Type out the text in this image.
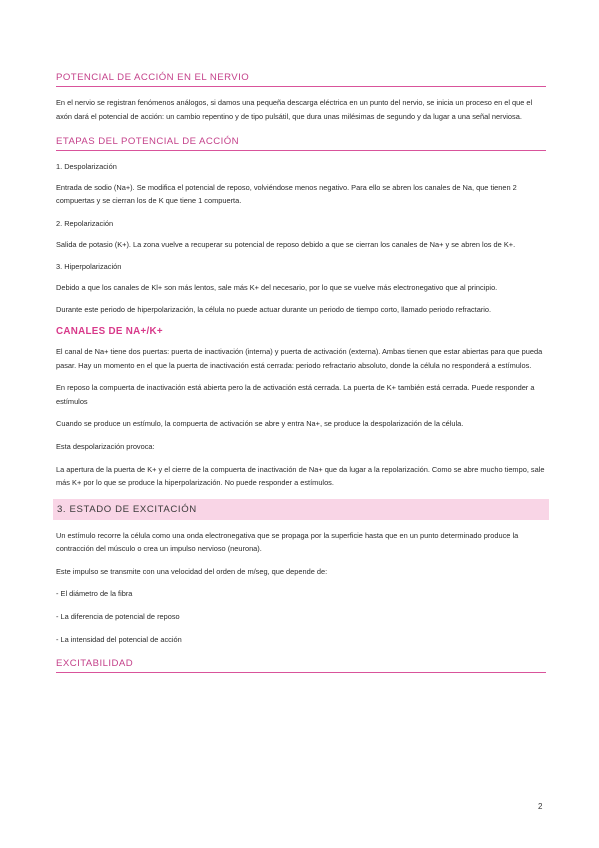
POTENCIAL DE ACCIÓN EN EL NERVIO

En el nervio se registran fenómenos análogos, si damos una pequeña descarga eléctrica en un punto del nervio, se inicia un proceso en el que el axón dará el potencial de acción: un cambio repentino y de tipo pulsátil, que dura unas milésimas de segundo y da lugar a una señal nerviosa.

ETAPAS DEL POTENCIAL DE ACCIÓN

1. Despolarización

Entrada de sodio (Na+). Se modifica el potencial de reposo, volviéndose menos negativo. Para ello se abren los canales de Na, que tienen 2 compuertas y se cierran los de K que tiene 1 compuerta.

2. Repolarización

Salida de potasio (K+). La zona vuelve a recuperar su potencial de reposo debido a que se cierran los canales de Na+ y se abren los de K+.

3. Hiperpolarización

Debido a que los canales de Kl+ son más lentos, sale más K+ del necesario, por lo que se vuelve más electronegativo que al principio.

Durante este periodo de hiperpolarización, la célula no puede actuar durante un periodo de tiempo corto, llamado periodo refractario.

CANALES DE NA+/K+

El canal de Na+ tiene dos puertas: puerta de inactivación (interna) y puerta de activación (externa). Ambas tienen que estar abiertas para que pueda pasar. Hay un momento en el que la puerta de inactivación está cerrada: periodo refractario absoluto, donde la célula no responderá a estímulos.

En reposo la compuerta de inactivación está abierta pero la de activación está cerrada. La puerta de K+ también está cerrada. Puede responder a estímulos

Cuando se produce un estímulo, la compuerta de activación se abre y entra Na+, se produce la despolarización de la célula.

Esta despolarización provoca:

La apertura de la puerta de K+ y el cierre de la compuerta de inactivación de Na+ que da lugar a la repolarización. Como se abre mucho tiempo, sale más K+ por lo que se produce la hiperpolarización. No puede responder a estímulos.

3. ESTADO DE EXCITACIÓN

Un estímulo recorre la célula como una onda electronegativa que se propaga por la superficie hasta que en un punto determinado produce la contracción del músculo o crea un impulso nervioso (neurona).

Este impulso se transmite con una velocidad del orden de m/seg, que depende de:

- El diámetro de la fibra

- La diferencia de potencial de reposo

- La intensidad del potencial de acción

EXCITABILIDAD
2
